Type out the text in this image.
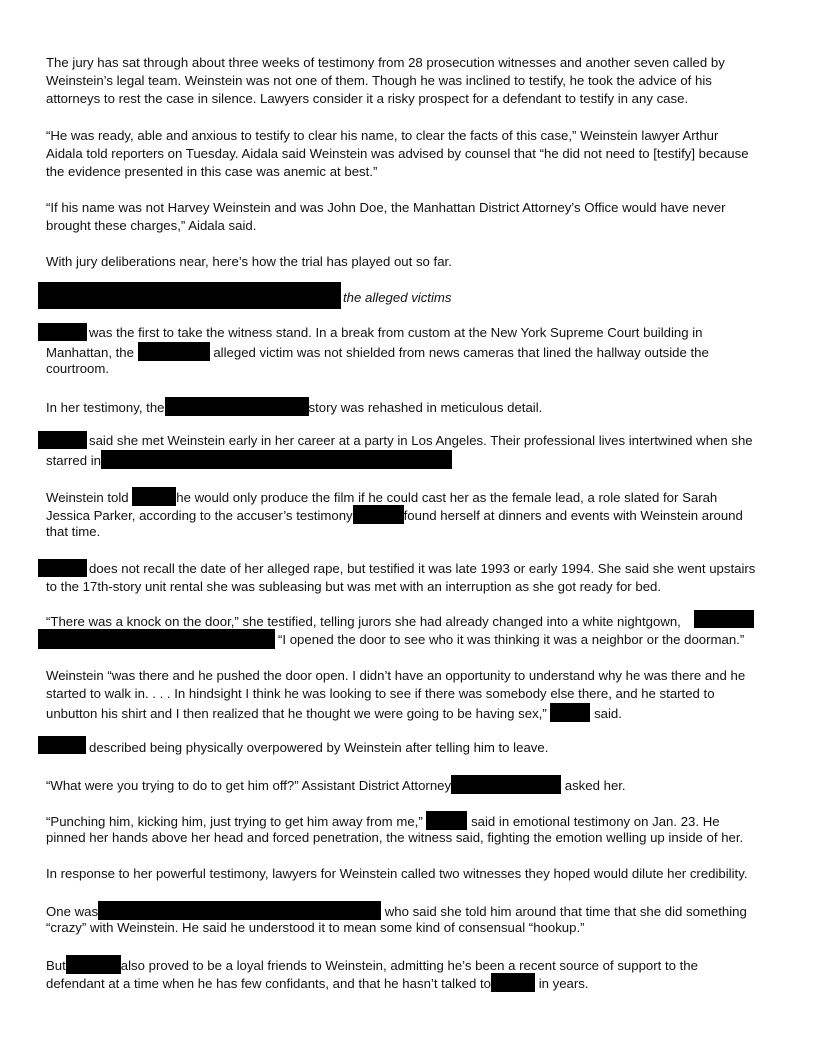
The jury has sat through about three weeks of testimony from 28 prosecution witnesses and another seven called by
Weinstein’s legal team. Weinstein was not one of them. Though he was inclined to testify, he took the advice of his
attorneys to rest the case in silence. Lawyers consider it a risky prospect for a defendant to testify in any case.
“He was ready, able and anxious to testify to clear his name, to clear the facts of this case,” Weinstein lawyer Arthur
Aidala told reporters on Tuesday. Aidala said Weinstein was advised by counsel that “he did not need to [testify] because
the evidence presented in this case was anemic at best.”
“If his name was not Harvey Weinstein and was John Doe, the Manhattan District Attorney’s Office would have never
brought these charges,” Aidala said.
With jury deliberations near, here’s how the trial has played out so far.
the alleged victims
was the first to take the witness stand. In a break from custom at the New York Supreme Court building in
Manhattan, the	alleged victim was not shielded from news cameras that lined the hallway outside the
courtroom.
In her testimony, the	story was rehashed in meticulous detail.
said she met Weinstein early in her career at a party in Los Angeles. Their professional lives intertwined when she
starred in
Weinstein told	he would only produce the film if he could cast her as the female lead, a role slated for Sarah
Jessica Parker, according to the accuser’s testimony	found herself at dinners and events with Weinstein around
that time.
does not recall the date of her alleged rape, but testified it was late 1993 or early 1994. She said she went upstairs
to the 17th-story unit rental she was subleasing but was met with an interruption as she got ready for bed.
“There was a knock on the door,” she testified, telling jurors she had already changed into a white nightgown,
“I opened the door to see who it was thinking it was a neighbor or the doorman.”
Weinstein “was there and he pushed the door open. I didn’t have an opportunity to understand why he was there and he
started to walk in. . . . In hindsight I think he was looking to see if there was somebody else there, and he started to
unbutton his shirt and I then realized that he thought we were going to be having sex,”	said.
described being physically overpowered by Weinstein after telling him to leave.
“What were you trying to do to get him off?” Assistant District Attorney	asked her.
“Punching him, kicking him, just trying to get him away from me,”	said in emotional testimony on Jan. 23. He
pinned her hands above her head and forced penetration, the witness said, fighting the emotion welling up inside of her.
In response to her powerful testimony, lawyers for Weinstein called two witnesses they hoped would dilute her credibility.
One was	who said she told him around that time that she did something
“crazy” with Weinstein. He said he understood it to mean some kind of consensual “hookup.”
But	also proved to be a loyal friends to Weinstein, admitting he’s been a recent source of support to the
defendant at a time when he has few confidants, and that he hasn’t talked to	in years.
